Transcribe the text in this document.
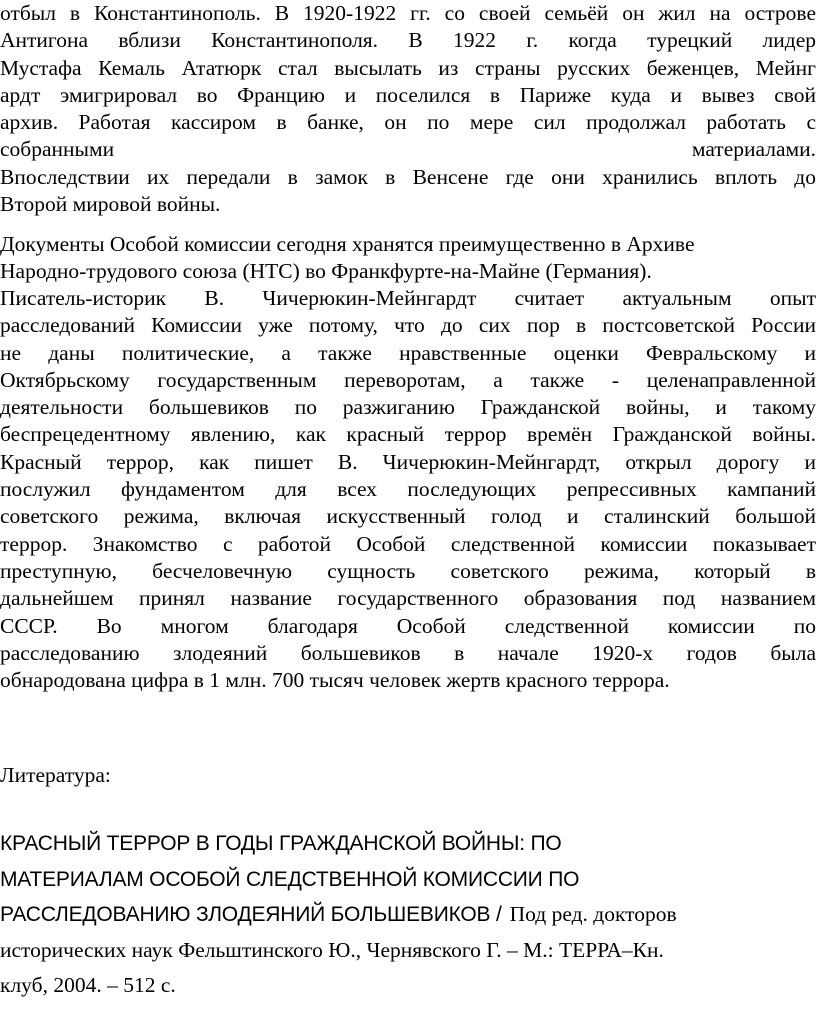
отбыл в Константинополь. В 1920-1922 гг. со своей семьёй он жил на острове
Антигона вблизи Константинополя. В 1922 г. когда турецкий лидер
Мустафа Кемаль Ататюрк стал высылать из страны русских беженцев, Мейнг
ардт эмигрировал во Францию и поселился в Париже куда и вывез свой
архив. Работая кассиром в банке, он по мере сил продолжал работать с
собранными материалами.
Впоследствии их передали в замок в Венсене где они хранились вплоть до
Второй мировой войны.
Документы Особой комиссии сегодня хранятся преимущественно в Архиве
Народно-трудового союза (НТС) во Франкфурте-на-Майне (Германия).
Писатель-историк В. Чичерюкин-Мейнгардт считает актуальным опыт
расследований Комиссии уже потому, что до сих пор в постсоветской России
не даны политические, а также нравственные оценки Февральскому и
Октябрьскому государственным переворотам, а также - целенаправленной
деятельности большевиков по разжиганию Гражданской войны, и такому
беспрецедентному явлению, как красный террор времён Гражданской войны.
Красный террор, как пишет В. Чичерюкин-Мейнгардт, открыл дорогу и
послужил фундаментом для всех последующих репрессивных кампаний
советского режима, включая искусственный голод и сталинский большой
террор. Знакомство с работой Особой следственной комиссии показывает
преступную, бесчеловечную сущность советского режима, который в
дальнейшем принял название государственного образования под названием
СССР. Во многом благодаря Особой следственной комиссии по
расследованию злодеяний большевиков в начале 1920-х годов была
обнародована цифра в 1 млн. 700 тысяч человек жертв красного террора.
Литература:
КРАСНЫЙ ТЕРРОР В ГОДЫ ГРАЖДАНСКОЙ ВОЙНЫ: ПО
МАТЕРИАЛАМ ОСОБОЙ СЛЕДСТВЕННОЙ КОМИССИИ ПО
РАССЛЕДОВАНИЮ ЗЛОДЕЯНИЙ БОЛЬШЕВИКОВ / Под ред. докторов
исторических наук Фельштинского Ю., Чернявского Г. – М.: ТЕРРА–Кн.
клуб, 2004. – 512 с.
